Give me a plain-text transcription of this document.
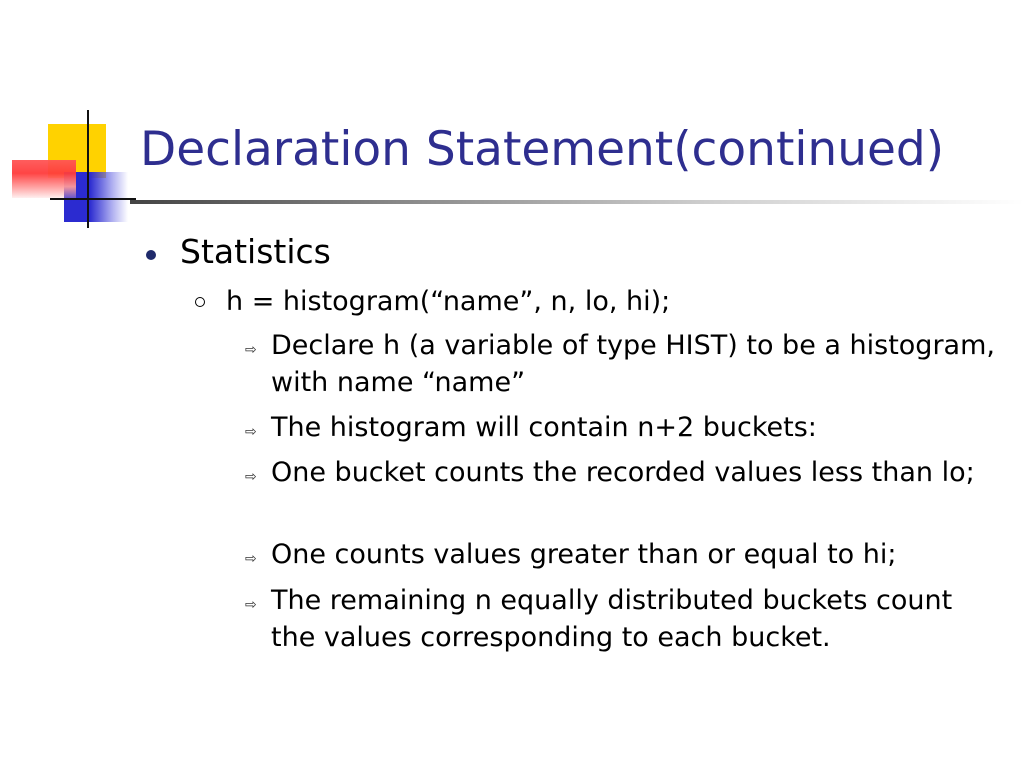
Declaration Statement(continued)
Statistics
h = histogram(“name”, n, lo, hi);
⇨ Declare h (a variable of type HIST) to be a histogram, with name “name”
⇨ The histogram will contain n+2 buckets:
⇨ One bucket counts the recorded values less than lo;
⇨ One counts values greater than or equal to hi;
⇨ The remaining n equally distributed buckets count the values corresponding to each bucket.
